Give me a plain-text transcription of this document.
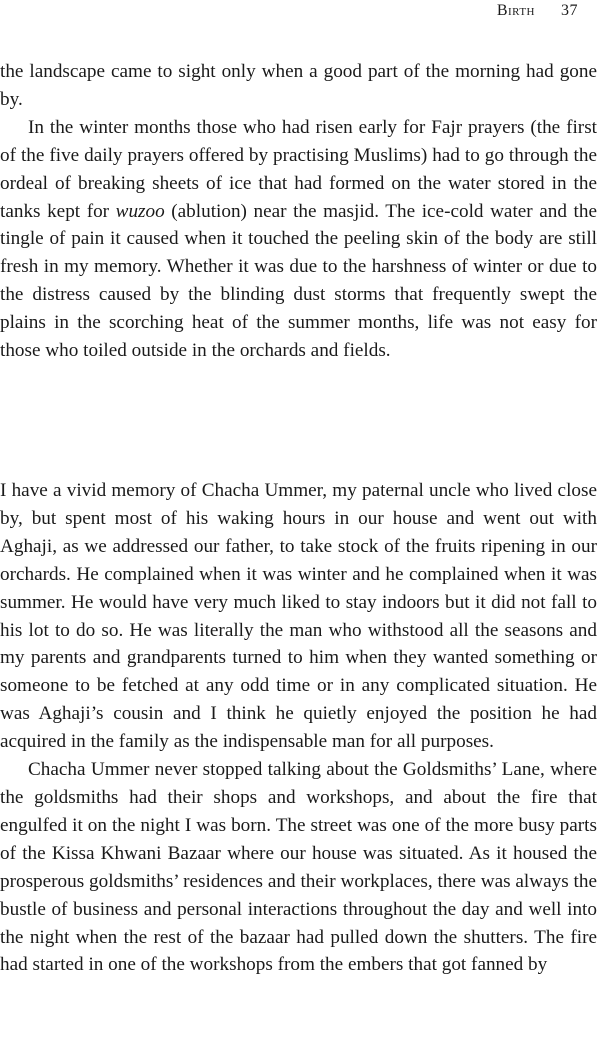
Birth 37

the landscape came to sight only when a good part of the morning had gone by.

In the winter months those who had risen early for Fajr prayers (the first of the five daily prayers offered by practising Muslims) had to go through the ordeal of breaking sheets of ice that had formed on the water stored in the tanks kept for wuzoo (ablution) near the masjid. The ice-cold water and the tingle of pain it caused when it touched the peeling skin of the body are still fresh in my memory. Whether it was due to the harshness of winter or due to the distress caused by the blinding dust storms that frequently swept the plains in the scorching heat of the summer months, life was not easy for those who toiled outside in the orchards and fields.

I have a vivid memory of Chacha Ummer, my paternal uncle who lived close by, but spent most of his waking hours in our house and went out with Aghaji, as we addressed our father, to take stock of the fruits ripening in our orchards. He complained when it was winter and he complained when it was summer. He would have very much liked to stay indoors but it did not fall to his lot to do so. He was literally the man who withstood all the seasons and my parents and grandparents turned to him when they wanted something or someone to be fetched at any odd time or in any complicated situation. He was Aghaji’s cousin and I think he quietly enjoyed the position he had acquired in the family as the indispensable man for all purposes.

Chacha Ummer never stopped talking about the Goldsmiths’ Lane, where the goldsmiths had their shops and workshops, and about the fire that engulfed it on the night I was born. The street was one of the more busy parts of the Kissa Khwani Bazaar where our house was situated. As it housed the prosperous goldsmiths’ residences and their workplaces, there was always the bustle of business and personal interactions throughout the day and well into the night when the rest of the bazaar had pulled down the shutters. The fire had started in one of the workshops from the embers that got fanned by
